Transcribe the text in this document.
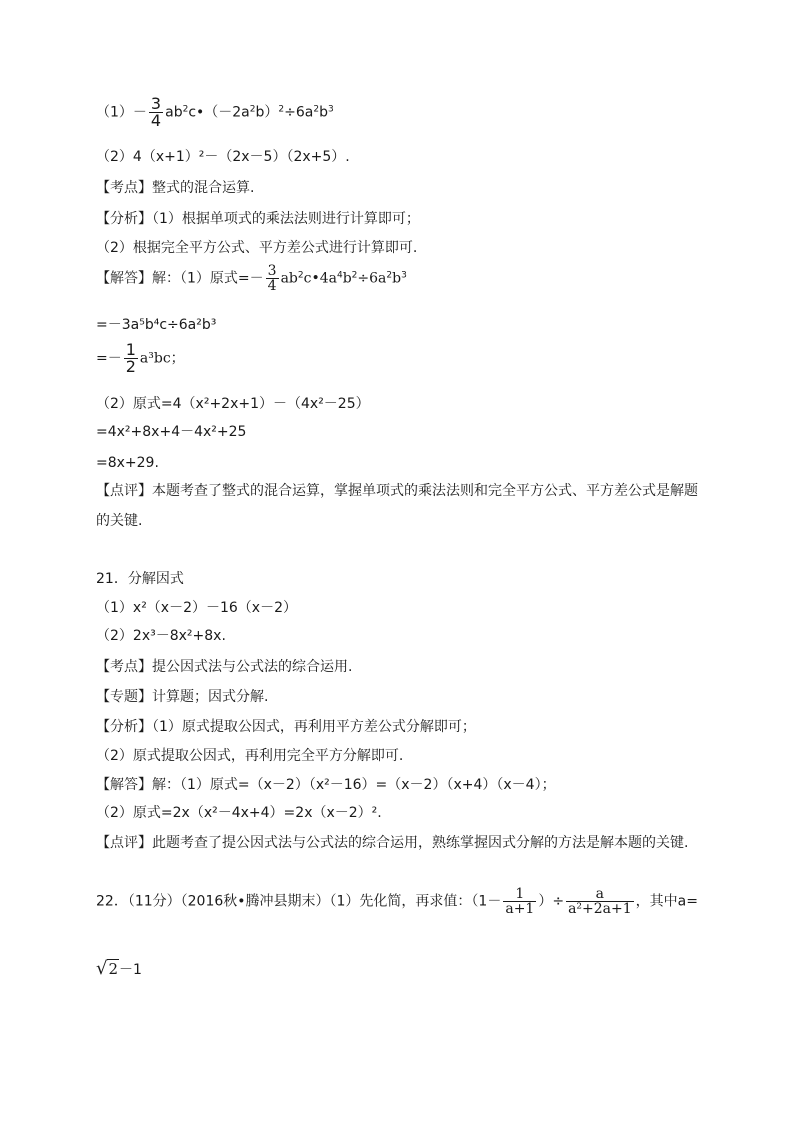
$(1)- \frac{3}{4}$ $ab^2c•(-2a^2b)^2\div 6a^2b^3$
（2）4（x+1）²－（2x－5）（2x+5）.
【考点】整式的混合运算.
【分析】（1）根据单项式的乘法法则进行计算即可；
（2）根据完全平方公式、平方差公式进行计算即可.
【解答】解：（1）原式=－ $\frac{3}{4}$ $ab^2c•4a^4b^2\div 6a^2b^3$
=－3a⁵b⁴c÷6a²b³
=－ $\frac{1}{2} a^3bc$；
（2）原式=4（x²+2x+1）－（4x²－25）
=4x²+8x+4－4x²+25
=8x+29.
【点评】本题考查了整式的混合运算，掌握单项式的乘法法则和完全平方公式、平方差公式是解题
的关键.
21．分解因式
（1）x²（x－2）－16（x－2）
（2）2x³－8x²+8x.
【考点】提公因式法与公式法的综合运用.
【专题】计算题；因式分解.
【分析】（1）原式提取公因式，再利用平方差公式分解即可；
（2）原式提取公因式，再利用完全平方分解即可.
【解答】解：（1）原式=（x－2）（x²－16）=（x－2）（x+4）（x－4）；
（2）原式=2x（x²－4x+4）=2x（x－2）².
【点评】此题考查了提公因式法与公式法的综合运用，熟练掌握因式分解的方法是解本题的关键.
22．（11分）（2016秋•腾冲县期末）（1）先化简，再求值：（$1- \frac{1}{a+1}$ ）÷ $\frac{a}{\text{a²+2a+1}}$ ，其中a=
√2－1
